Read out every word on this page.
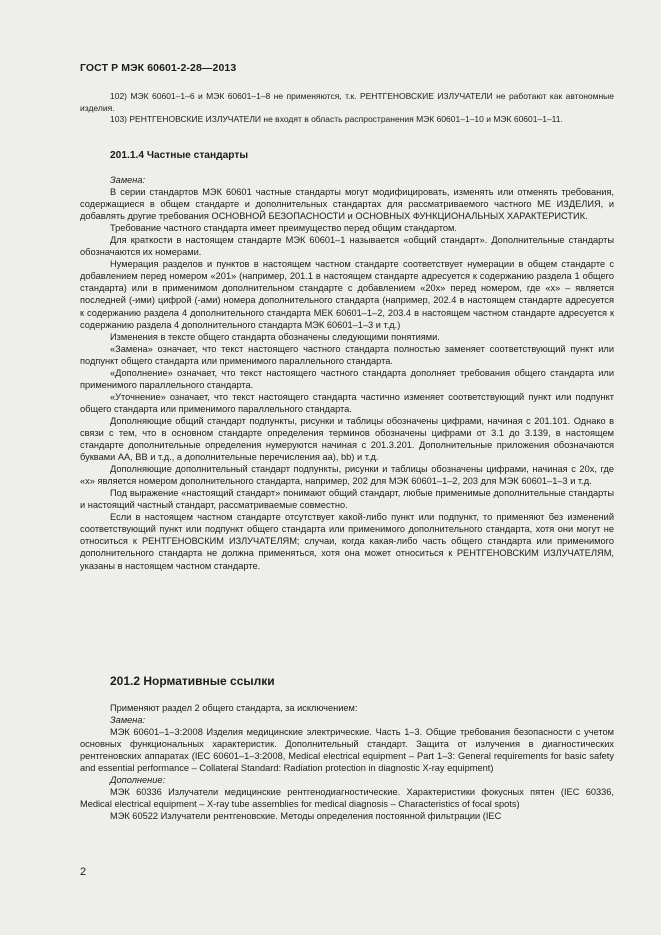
ГОСТ Р МЭК 60601-2-28—2013

102) МЭК 60601–1–6 и МЭК 60601–1–8 не применяются, т.к. РЕНТГЕНОВСКИЕ ИЗЛУЧАТЕЛИ не работают как автономные изделия.

103) РЕНТГЕНОВСКИЕ ИЗЛУЧАТЕЛИ не входят в область распространения МЭК 60601–1–10 и МЭК 60601–1–11.

201.1.4 Частные стандарты

Замена:

В серии стандартов МЭК 60601 частные стандарты могут модифицировать, изменять или отменять требования, содержащиеся в общем стандарте и дополнительных стандартах для рассматриваемого частного МЕ ИЗДЕЛИЯ, и добавлять другие требования ОСНОВНОЙ БЕЗОПАСНОСТИ и ОСНОВНЫХ ФУНКЦИОНАЛЬНЫХ ХАРАКТЕРИСТИК.

Требование частного стандарта имеет преимущество перед общим стандартом.

Для краткости в настоящем стандарте МЭК 60601–1 называется «общий стандарт». Дополнительные стандарты обозначаются их номерами.

Нумерация разделов и пунктов в настоящем частном стандарте соответствует нумерации в общем стандарте с добавлением перед номером «201» (например, 201.1 в настоящем стандарте адресуется к содержанию раздела 1 общего стандарта) или в применимом дополнительном стандарте с добавлением «20x» перед номером, где «x» – является последней (-ими) цифрой (-ами) номера дополнительного стандарта (например, 202.4 в настоящем стандарте адресуется к содержанию раздела 4 дополнительного стандарта МЕК 60601–1–2, 203.4 в настоящем частном стандарте адресуется к содержанию раздела 4 дополнительного стандарта МЭК 60601–1–3 и т.д.)

Изменения в тексте общего стандарта обозначены следующими понятиями.

«Замена» означает, что текст настоящего частного стандарта полностью заменяет соответствующий пункт или подпункт общего стандарта или применимого параллельного стандарта.

«Дополнение» означает, что текст настоящего частного стандарта дополняет требования общего стандарта или применимого параллельного стандарта.

«Уточнение» означает, что текст настоящего стандарта частично изменяет соответствующий пункт или подпункт общего стандарта или применимого параллельного стандарта.

Дополняющие общий стандарт подпункты, рисунки и таблицы обозначены цифрами, начиная с 201.101. Однако в связи с тем, что в основном стандарте определения терминов обозначены цифрами от 3.1 до 3.139, в настоящем стандарте дополнительные определения нумеруются начиная с 201.3.201. Дополнительные приложения обозначаются буквами АА, ВВ и т.д., а дополнительные перечисления аа), bb) и т.д.

Дополняющие дополнительный стандарт подпункты, рисунки и таблицы обозначены цифрами, начиная с 20x, где «x» является номером дополнительного стандарта, например, 202 для МЭК 60601–1–2, 203 для МЭК 60601–1–3 и т.д.

Под выражение «настоящий стандарт» понимают общий стандарт, любые применимые дополнительные стандарты и настоящий частный стандарт, рассматриваемые совместно.

Если в настоящем частном стандарте отсутствует какой-либо пункт или подпункт, то применяют без изменений соответствующий пункт или подпункт общего стандарта или применимого дополнительного стандарта, хотя они могут не относиться к РЕНТГЕНОВСКИМ ИЗЛУЧАТЕЛЯМ; случаи, когда какая-либо часть общего стандарта или применимого дополнительного стандарта не должна применяться, хотя она может относиться к РЕНТГЕНОВСКИМ ИЗЛУЧАТЕЛЯМ, указаны в настоящем частном стандарте.

201.2 Нормативные ссылки

Применяют раздел 2 общего стандарта, за исключением:

Замена:

МЭК 60601–1–3:2008 Изделия медицинские электрические. Часть 1–3. Общие требования безопасности с учетом основных функциональных характеристик. Дополнительный стандарт. Защита от излучения в диагностических рентгеновских аппаратах (IEC 60601–1–3:2008, Medical electrical equipment – Part 1–3: General requirements for basic safety and essential performance – Collateral Standard: Radiation protection in diagnostic X-ray equipment)

Дополнение:

МЭК 60336 Излучатели медицинские рентгенодиагностические. Характеристики фокусных пятен (IEC 60336, Medical electrical equipment – X-ray tube assemblies for medical diagnosis – Characteristics of focal spots)

МЭК 60522 Излучатели рентгеновские. Методы определения постоянной фильтрации (IEC

2
